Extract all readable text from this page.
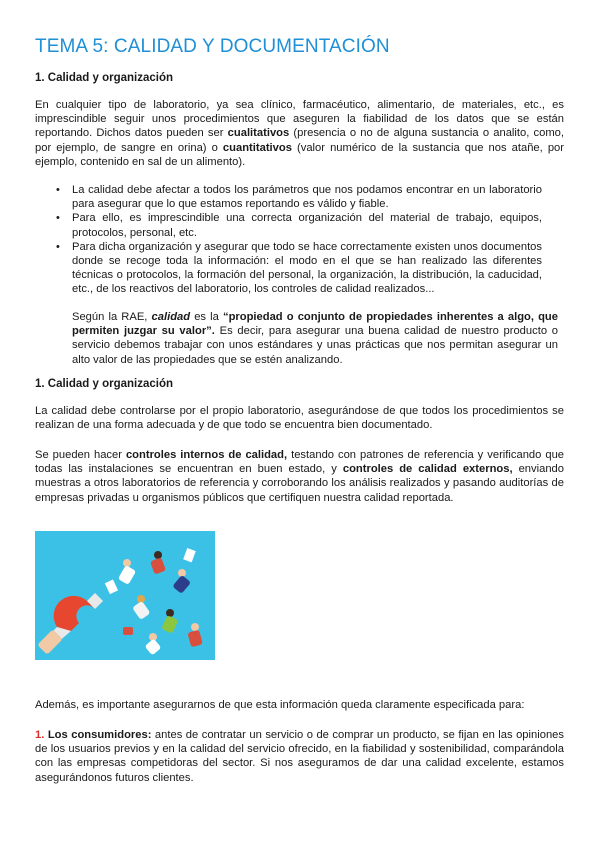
TEMA 5: CALIDAD Y DOCUMENTACIÓN
1. Calidad y organización

En cualquier tipo de laboratorio, ya sea clínico, farmacéutico, alimentario, de materiales, etc., es imprescindible seguir unos procedimientos que aseguren la fiabilidad de los datos que se están reportando. Dichos datos pueden ser cualitativos (presencia o no de alguna sustancia o analito, como, por ejemplo, de sangre en orina) o cuantitativos (valor numérico de la sustancia que nos atañe, por ejemplo, contenido en sal de un alimento).

• La calidad debe afectar a todos los parámetros que nos podamos encontrar en un laboratorio para asegurar que lo que estamos reportando es válido y fiable.
• Para ello, es imprescindible una correcta organización del material de trabajo, equipos, protocolos, personal, etc.
• Para dicha organización y asegurar que todo se hace correctamente existen unos documentos donde se recoge toda la información: el modo en el que se han realizado las diferentes técnicas o protocolos, la formación del personal, la organización, la distribución, la caducidad, etc., de los reactivos del laboratorio, los controles de calidad realizados...

Según la RAE, calidad es la “propiedad o conjunto de propiedades inherentes a algo, que permiten juzgar su valor”. Es decir, para asegurar una buena calidad de nuestro producto o servicio debemos trabajar con unos estándares y unas prácticas que nos permitan asegurar un alto valor de las propiedades que se estén analizando.

1. Calidad y organización

La calidad debe controlarse por el propio laboratorio, asegurándose de que todos los procedimientos se realizan de una forma adecuada y de que todo se encuentra bien documentado.

Se pueden hacer controles internos de calidad, testando con patrones de referencia y verificando que todas las instalaciones se encuentran en buen estado, y controles de calidad externos, enviando muestras a otros laboratorios de referencia y corroborando los análisis realizados y pasando auditorías de empresas privadas u organismos públicos que certifiquen nuestra calidad reportada.

Además, es importante asegurarnos de que esta información queda claramente especificada para:

1. Los consumidores: antes de contratar un servicio o de comprar un producto, se fijan en las opiniones de los usuarios previos y en la calidad del servicio ofrecido, en la fiabilidad y sostenibilidad, comparándola con las empresas competidoras del sector. Si nos aseguramos de dar una calidad excelente, estamos asegurándonos futuros clientes.
